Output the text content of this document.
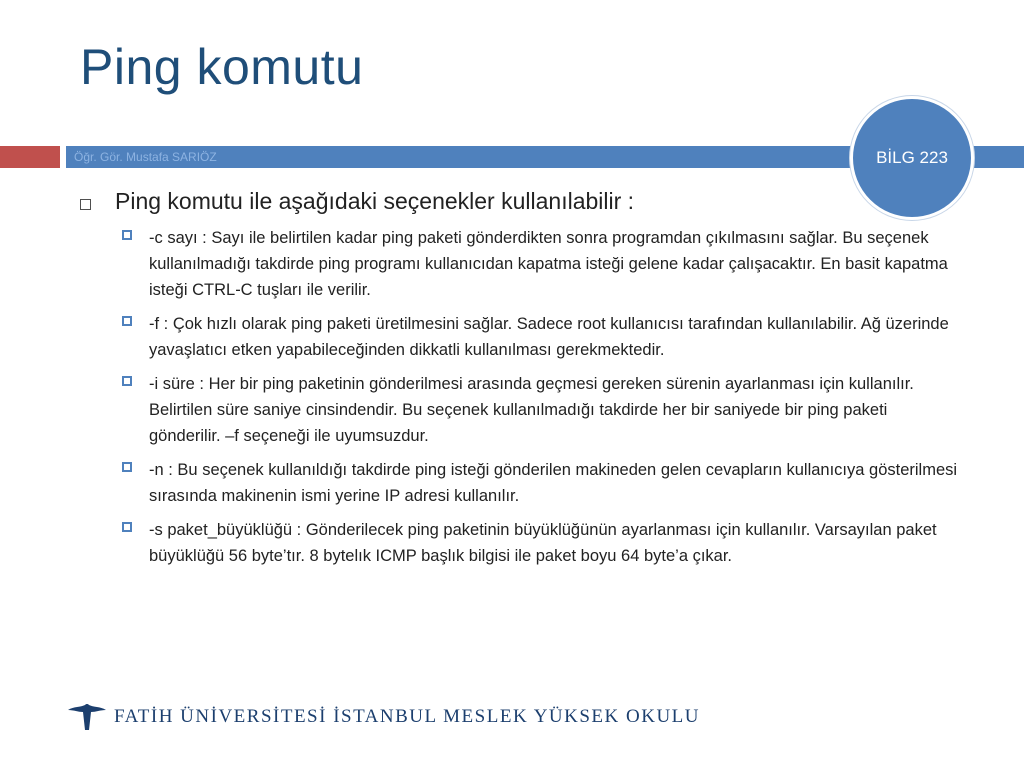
Ping komutu
Öğr. Gör. Mustafa SARIÖZ	BİLG 223
Ping komutu ile aşağıdaki seçenekler kullanılabilir :
-c sayı : Sayı ile belirtilen kadar ping paketi gönderdikten sonra programdan çıkılmasını sağlar. Bu seçenek kullanılmadığı takdirde ping programı kullanıcıdan kapatma isteği gelene kadar çalışacaktır. En basit kapatma isteği CTRL-C tuşları ile verilir.
-f : Çok hızlı olarak ping paketi üretilmesini sağlar. Sadece root kullanıcısı tarafından kullanılabilir. Ağ üzerinde yavaşlatıcı etken yapabileceğinden dikkatli kullanılması gerekmektedir.
-i süre : Her bir ping paketinin gönderilmesi arasında geçmesi gereken sürenin ayarlanması için kullanılır. Belirtilen süre saniye cinsindendir. Bu seçenek kullanılmadığı takdirde her bir saniyede bir ping paketi gönderilir. –f seçeneği ile uyumsuzdur.
-n : Bu seçenek kullanıldığı takdirde ping isteği gönderilen makineden gelen cevapların kullanıcıya gösterilmesi sırasında makinenin ismi yerine IP adresi kullanılır.
-s paket_büyüklüğü : Gönderilecek ping paketinin büyüklüğünün ayarlanması için kullanılır. Varsayılan paket büyüklüğü 56 byte’tır. 8 bytelık ICMP başlık bilgisi ile paket boyu 64 byte’a çıkar.
FATİH ÜNİVERSİTESİ İSTANBUL MESLEK YÜKSEK OKULU
